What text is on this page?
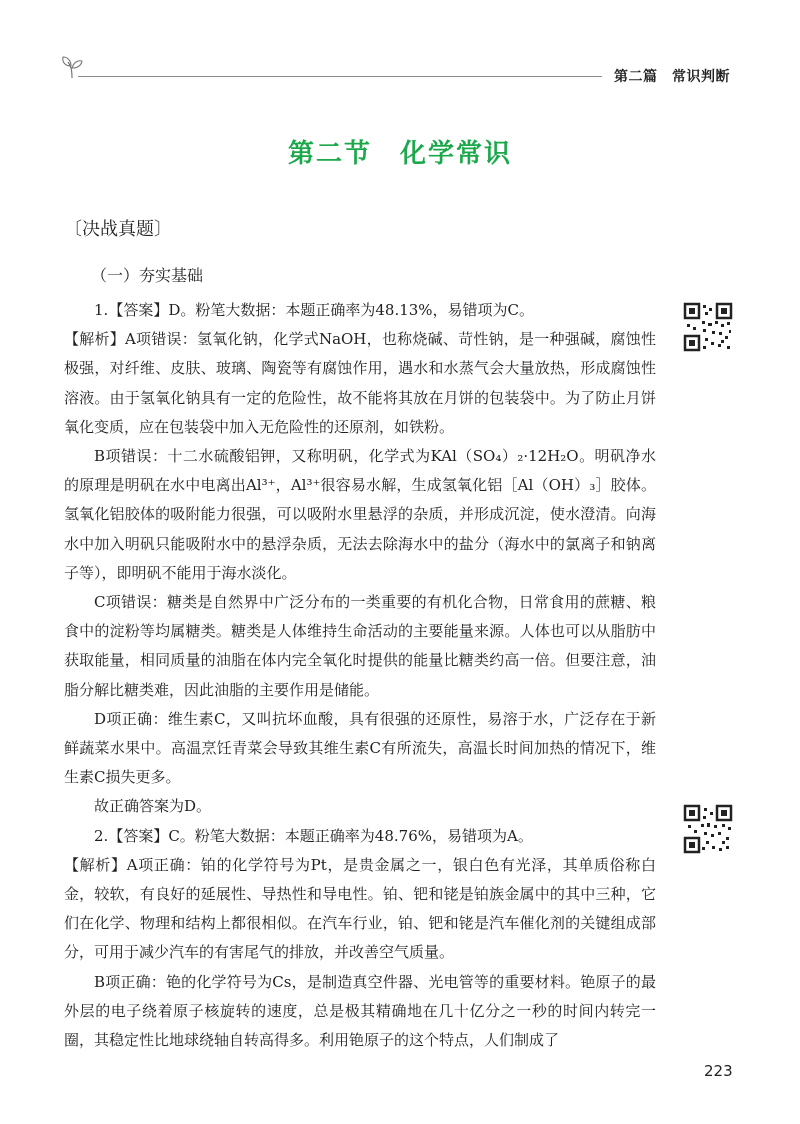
第二篇　常识判断
第二节　化学常识
〔决战真题〕
（一）夯实基础

1.【答案】D。粉笔大数据：本题正确率为48.13%，易错项为C。

【解析】A项错误：氢氧化钠，化学式NaOH，也称烧碱、苛性钠，是一种强碱，腐蚀性极强，对纤维、皮肤、玻璃、陶瓷等有腐蚀作用，遇水和水蒸气会大量放热，形成腐蚀性溶液。由于氢氧化钠具有一定的危险性，故不能将其放在月饼的包装袋中。为了防止月饼氧化变质，应在包装袋中加入无危险性的还原剂，如铁粉。

B项错误：十二水硫酸铝钾，又称明矾，化学式为KAl（SO₄）₂·12H₂O。明矾净水的原理是明矾在水中电离出Al³⁺，Al³⁺很容易水解，生成氢氧化铝［Al（OH）₃］胶体。氢氧化铝胶体的吸附能力很强，可以吸附水里悬浮的杂质，并形成沉淀，使水澄清。向海水中加入明矾只能吸附水中的悬浮杂质，无法去除海水中的盐分（海水中的氯离子和钠离子等），即明矾不能用于海水淡化。

C项错误：糖类是自然界中广泛分布的一类重要的有机化合物，日常食用的蔗糖、粮食中的淀粉等均属糖类。糖类是人体维持生命活动的主要能量来源。人体也可以从脂肪中获取能量，相同质量的油脂在体内完全氧化时提供的能量比糖类约高一倍。但要注意，油脂分解比糖类难，因此油脂的主要作用是储能。

D项正确：维生素C，又叫抗坏血酸，具有很强的还原性，易溶于水，广泛存在于新鲜蔬菜水果中。高温烹饪青菜会导致其维生素C有所流失，高温长时间加热的情况下，维生素C损失更多。

故正确答案为D。

2.【答案】C。粉笔大数据：本题正确率为48.76%，易错项为A。

【解析】A项正确：铂的化学符号为Pt，是贵金属之一，银白色有光泽，其单质俗称白金，较软，有良好的延展性、导热性和导电性。铂、钯和铑是铂族金属中的其中三种，它们在化学、物理和结构上都很相似。在汽车行业，铂、钯和铑是汽车催化剂的关键组成部分，可用于减少汽车的有害尾气的排放，并改善空气质量。

B项正确：铯的化学符号为Cs，是制造真空件器、光电管等的重要材料。铯原子的最外层的电子绕着原子核旋转的速度，总是极其精确地在几十亿分之一秒的时间内转完一圈，其稳定性比地球绕轴自转高得多。利用铯原子的这个特点，人们制成了

223
